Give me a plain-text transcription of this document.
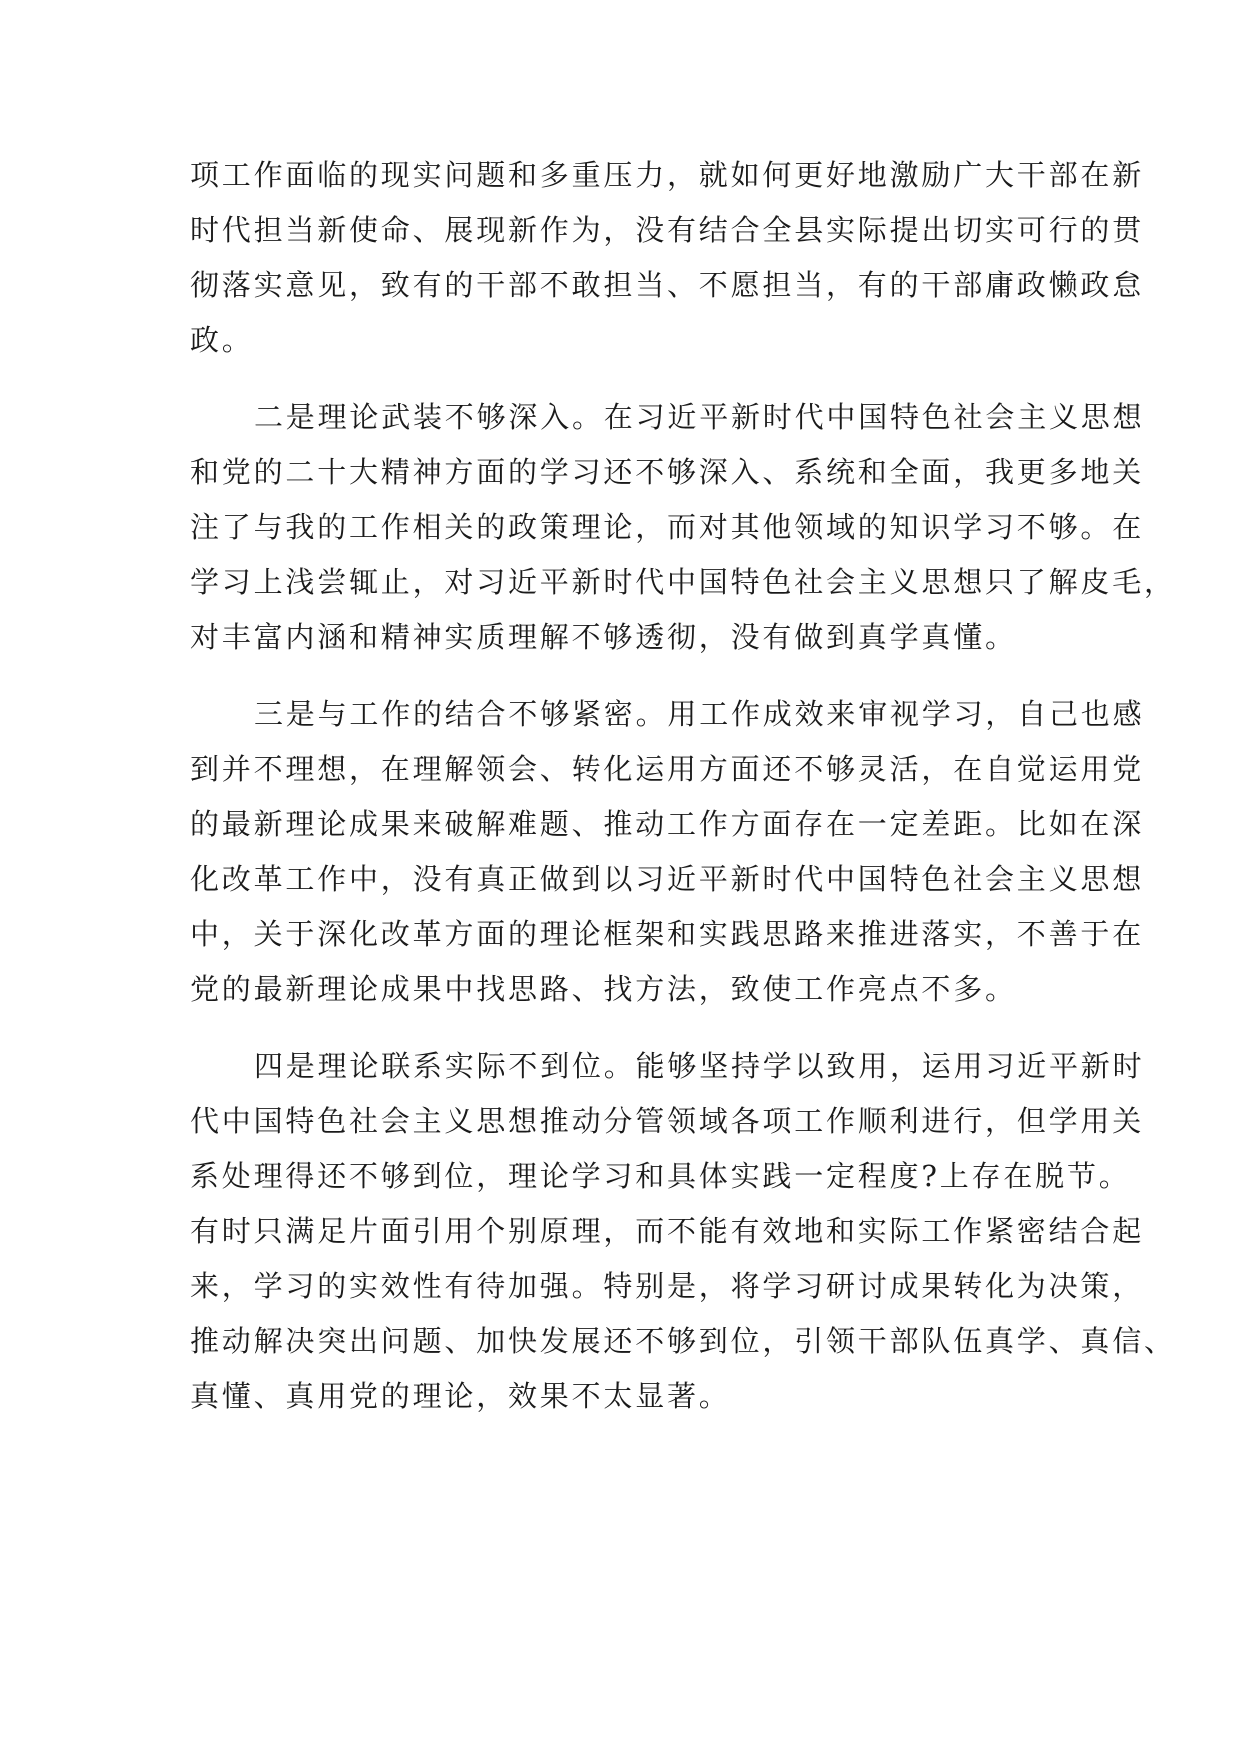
项工作面临的现实问题和多重压力，就如何更好地激励广大干部在新
时代担当新使命、展现新作为，没有结合全县实际提出切实可行的贯
彻落实意见，致有的干部不敢担当、不愿担当，有的干部庸政懒政怠
政。
二是理论武装不够深入。在习近平新时代中国特色社会主义思想
和党的二十大精神方面的学习还不够深入、系统和全面，我更多地关
注了与我的工作相关的政策理论，而对其他领域的知识学习不够。在
学习上浅尝辄止，对习近平新时代中国特色社会主义思想只了解皮毛，
对丰富内涵和精神实质理解不够透彻，没有做到真学真懂。
三是与工作的结合不够紧密。用工作成效来审视学习，自己也感
到并不理想，在理解领会、转化运用方面还不够灵活，在自觉运用党
的最新理论成果来破解难题、推动工作方面存在一定差距。比如在深
化改革工作中，没有真正做到以习近平新时代中国特色社会主义思想
中，关于深化改革方面的理论框架和实践思路来推进落实，不善于在
党的最新理论成果中找思路、找方法，致使工作亮点不多。
四是理论联系实际不到位。能够坚持学以致用，运用习近平新时
代中国特色社会主义思想推动分管领域各项工作顺利进行，但学用关
系处理得还不够到位，理论学习和具体实践一定程度?上存在脱节。
有时只满足片面引用个别原理，而不能有效地和实际工作紧密结合起
来，学习的实效性有待加强。特别是，将学习研讨成果转化为决策，
推动解决突出问题、加快发展还不够到位，引领干部队伍真学、真信、
真懂、真用党的理论，效果不太显著。
